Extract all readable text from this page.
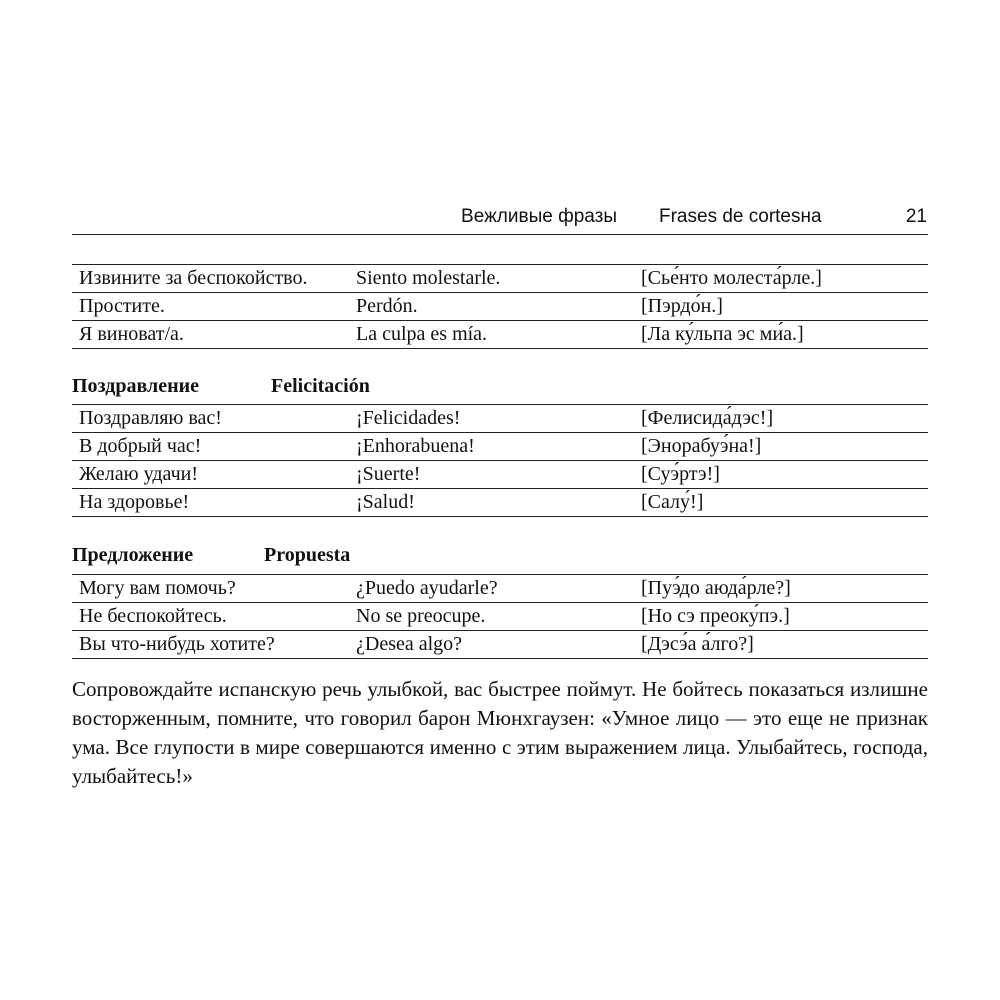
Вежливые фразы Frases de cortesнa	21
Извините за беспокойство.	Siento molestarle.	[Сье́нто молеста́рле.]
Простите.	Perdón.	[Пэрдо́н.]
Я виноват/а.	La culpa es mía.	[Ла ку́льпа эс ми́а.]
Поздравление	Felicitación
Поздравляю вас!	¡Felicidades!	[Фелисида́дэс!]
В добрый час!	¡Enhorabuena!	[Энорабуэ́на!]
Желаю удачи!	¡Suerte!	[Суэ́ртэ!]
На здоровье!	¡Salud!	[Салу́!]
Предложение	Propuesta
Могу вам помочь?	¿Puedo ayudarle?	[Пуэ́до аюда́рле?]
Не беспокойтесь.	No se preocupe.	[Но сэ преоку́пэ.]
Вы что-нибудь хотите?	¿Desea algo?	[Дэсэ́а а́лго?]

Сопровождайте испанскую речь улыбкой, вас быстрее поймут. Не бойтесь показаться излишне восторженным, помните, что говорил барон Мюнхгаузен: «Умное лицо — это еще не признак ума. Все глупости в мире совершаются именно с этим выражением лица. Улыбайтесь, господа, улыбайтесь!»
